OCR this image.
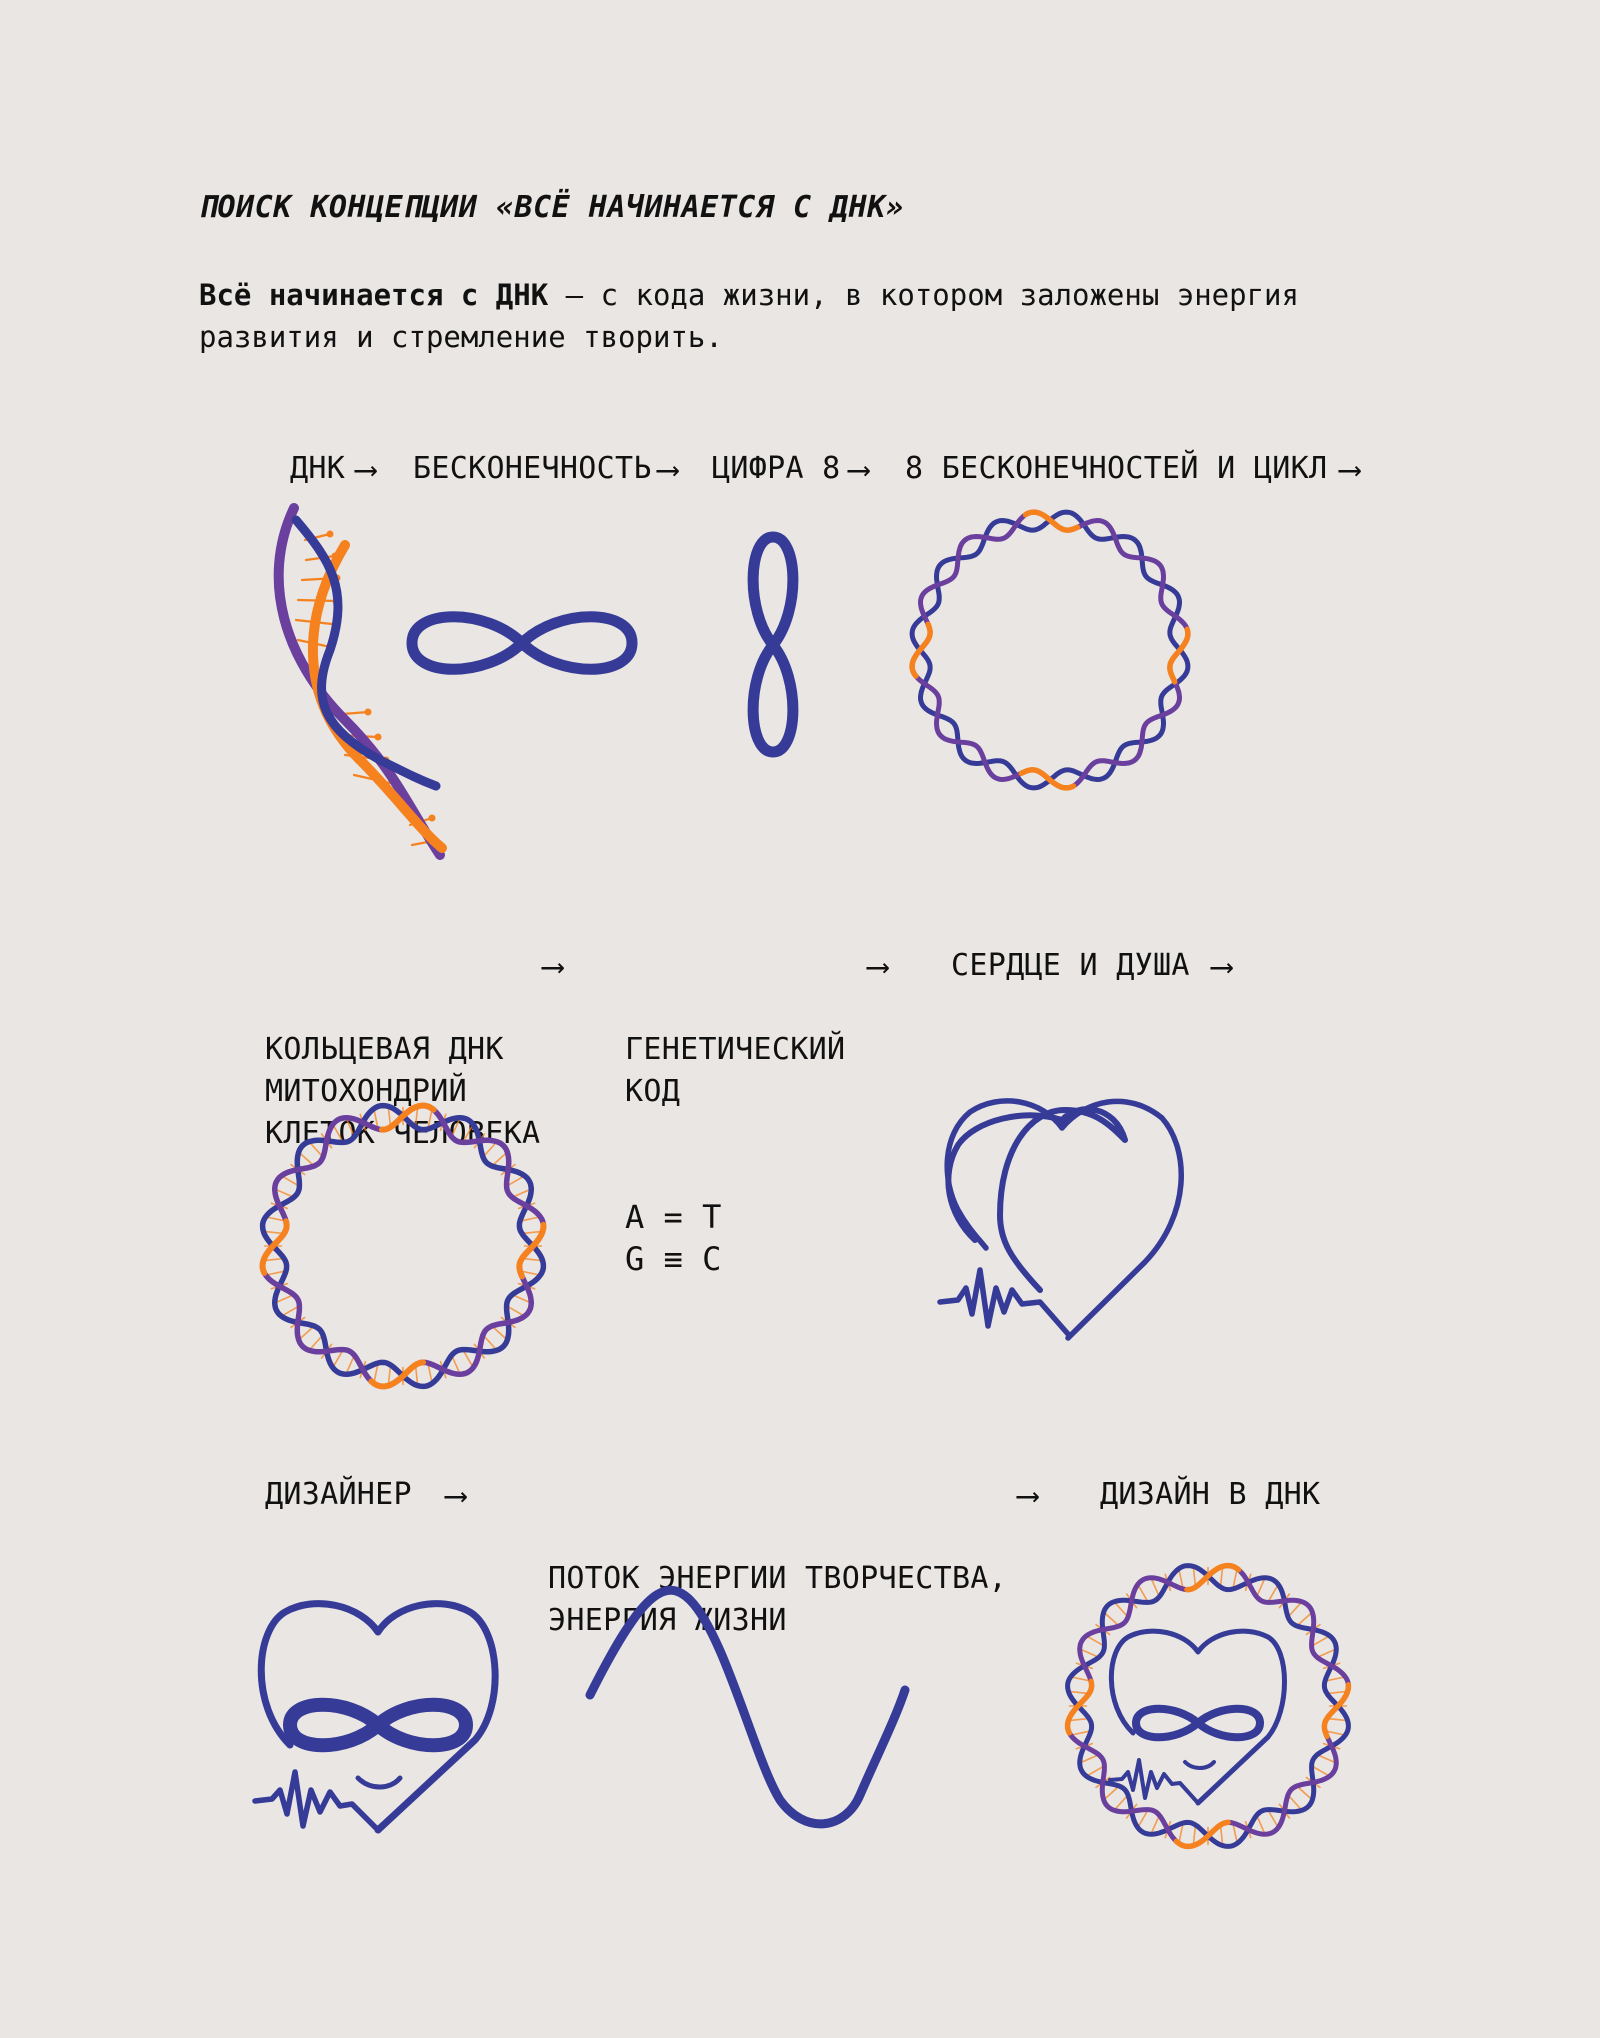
ПОИСК КОНЦЕПЦИИ «ВСЁ НАЧИНАЕТСЯ С ДНК»
Всё начинается с ДНК — с кода жизни, в котором заложены энергия развития и стремление творить.
ДНК ⟶ БЕСКОНЕЧНОСТЬ ⟶ ЦИФРА 8 ⟶ 8 БЕСКОНЕЧНОСТЕЙ И ЦИКЛ ⟶

КОЛЬЦЕВАЯ ДНК
МИТОХОНДРИЙ
КЛЕТОК ЧЕЛОВЕКА

⟶

ГЕНЕТИЧЕСКИЙ
КОД

⟶ СЕРДЦЕ И ДУША ⟶

A = T
G ≡ C

ДИЗАЙНЕР ⟶

ПОТОК ЭНЕРГИИ ТВОРЧЕСТВА,
ЭНЕРГИЯ ЖИЗНИ

⟶ ДИЗАЙН В ДНК
